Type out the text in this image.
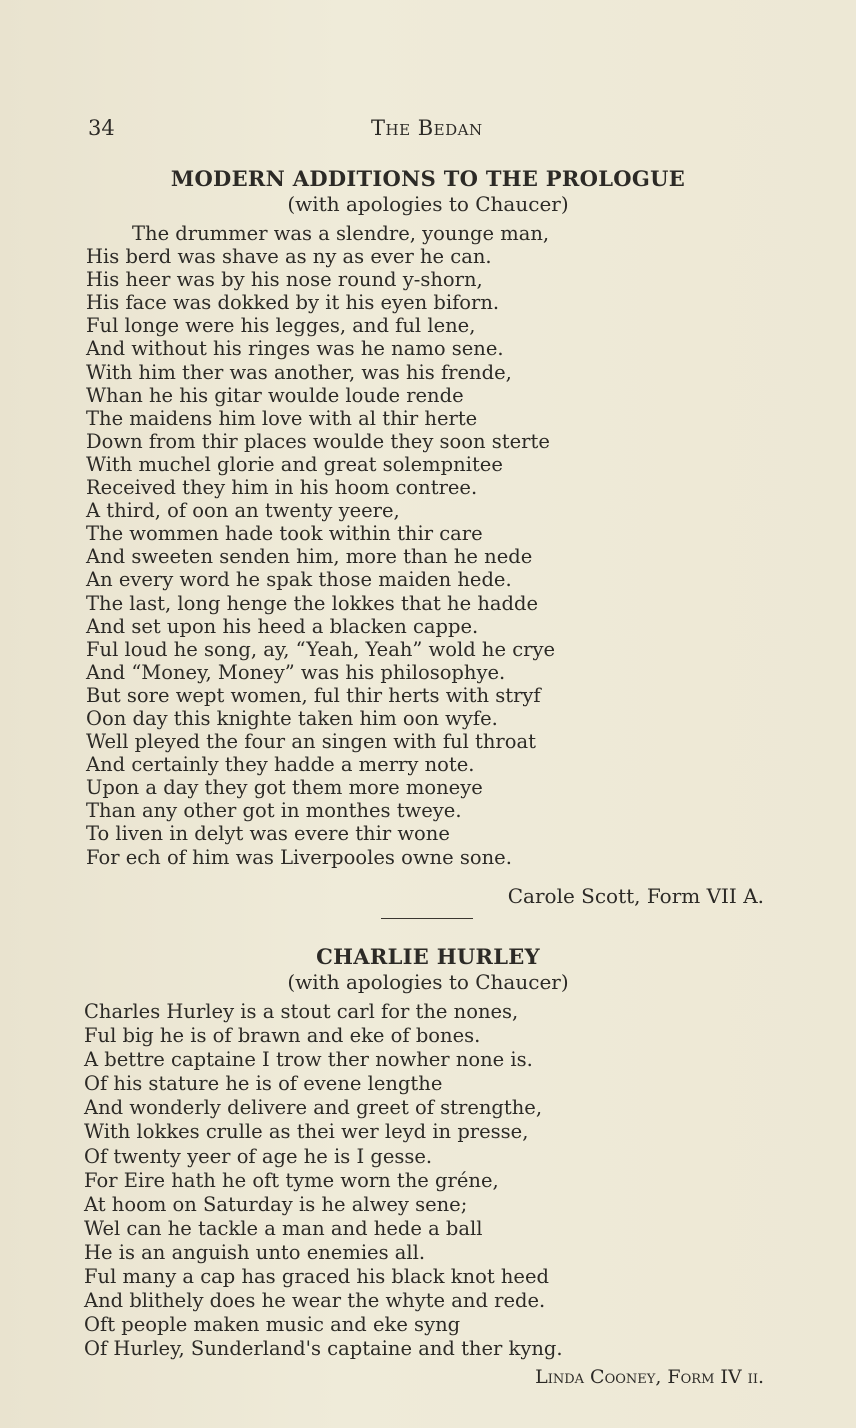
34	The Bedan
MODERN ADDITIONS TO THE PROLOGUE
(with apologies to Chaucer)
The drummer was a slendre, younge man,
His berd was shave as ny as ever he can.
His heer was by his nose round y-shorn,
His face was dokked by it his eyen biforn.
Ful longe were his legges, and ful lene,
And without his ringes was he namo sene.
With him ther was another, was his frende,
Whan he his gitar woulde loude rende
The maidens him love with al thir herte
Down from thir places woulde they soon sterte
With muchel glorie and great solempnitee
Received they him in his hoom contree.
A third, of oon an twenty yeere,
The wommen hade took within thir care
And sweeten senden him, more than he nede
An every word he spak those maiden hede.
The last, long henge the lokkes that he hadde
And set upon his heed a blacken cappe.
Ful loud he song, ay, “Yeah, Yeah” wold he crye
And “Money, Money” was his philosophye.
But sore wept women, ful thir herts with stryf
Oon day this knighte taken him oon wyfe.
Well pleyed the four an singen with ful throat
And certainly they hadde a merry note.
Upon a day they got them more moneye
Than any other got in monthes tweye.
To liven in delyt was evere thir wone
For ech of him was Liverpooles owne sone.
Carole Scott, Form VII A.
CHARLIE HURLEY
(with apologies to Chaucer)
Charles Hurley is a stout carl for the nones,
Ful big he is of brawn and eke of bones.
A bettre captaine I trow ther nowher none is.
Of his stature he is of evene lengthe
And wonderly delivere and greet of strengthe,
With lokkes crulle as thei wer leyd in presse,
Of twenty yeer of age he is I gesse.
For Eire hath he oft tyme worn the gréne,
At hoom on Saturday is he alwey sene;
Wel can he tackle a man and hede a ball
He is an anguish unto enemies all.
Ful many a cap has graced his black knot heed
And blithely does he wear the whyte and rede.
Oft people maken music and eke syng
Of Hurley, Sunderland's captaine and ther kyng.
Linda Cooney, Form IV ii.
